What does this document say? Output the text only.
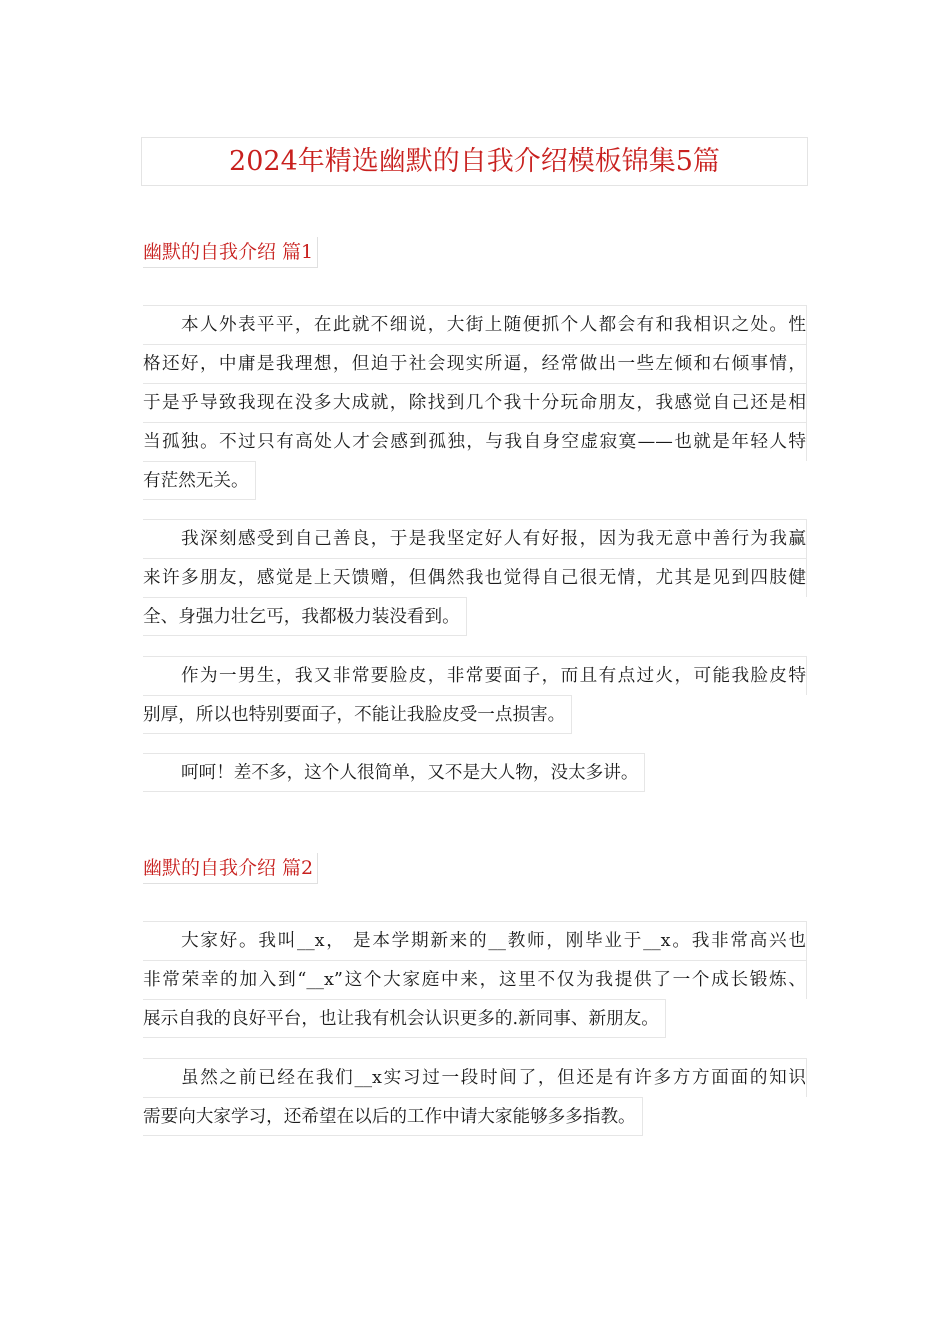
2024年精选幽默的自我介绍模板锦集5篇
幽默的自我介绍 篇1
本人外表平平，在此就不细说，大街上随便抓个人都会有和我相识之处。性
格还好，中庸是我理想，但迫于社会现实所逼，经常做出一些左倾和右倾事情，
于是乎导致我现在没多大成就，除找到几个我十分玩命朋友，我感觉自己还是相
当孤独。不过只有高处人才会感到孤独，与我自身空虚寂寞——也就是年轻人特
有茫然无关。
我深刻感受到自己善良，于是我坚定好人有好报，因为我无意中善行为我赢
来许多朋友，感觉是上天馈赠，但偶然我也觉得自己很无情，尤其是见到四肢健
全、身强力壮乞丐，我都极力装没看到。
作为一男生，我又非常要脸皮，非常要面子，而且有点过火，可能我脸皮特
别厚，所以也特别要面子，不能让我脸皮受一点损害。
呵呵！差不多，这个人很简单，又不是大人物，没太多讲。
幽默的自我介绍 篇2
大家好。我叫__x， 是本学期新来的__教师，刚毕业于__x。我非常高兴也
非常荣幸的加入到“__x”这个大家庭中来，这里不仅为我提供了一个成长锻炼、
展示自我的良好平台，也让我有机会认识更多的.新同事、新朋友。
虽然之前已经在我们__x实习过一段时间了，但还是有许多方方面面的知识
需要向大家学习，还希望在以后的工作中请大家能够多多指教。
